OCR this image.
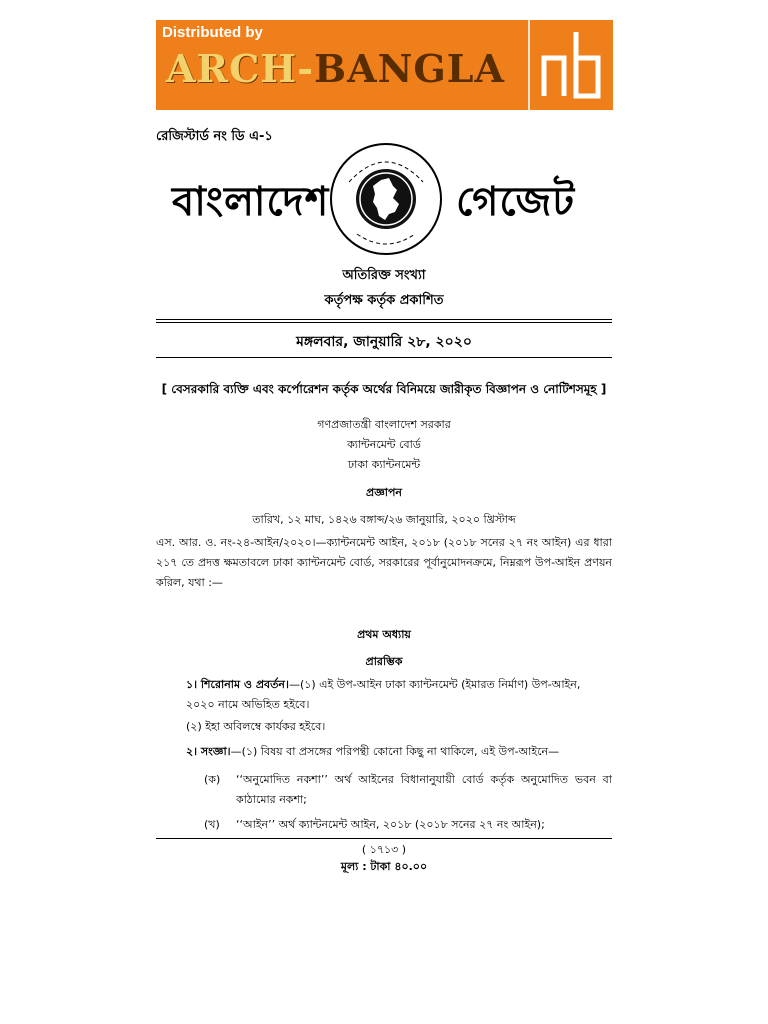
Distributed by
ARCH-BANGLA
রেজিস্টার্ড নং ডি এ-১
বাংলাদেশ	গেজেট
অতিরিক্ত সংখ্যা
কর্তৃপক্ষ কর্তৃক প্রকাশিত
মঙ্গলবার, জানুয়ারি ২৮, ২০২০
[ বেসরকারি ব্যক্তি এবং কর্পোরেশন কর্তৃক অর্থের বিনিময়ে জারীকৃত বিজ্ঞাপন ও নোটিশসমূহ ]
গণপ্রজাতন্ত্রী বাংলাদেশ সরকার
ক্যান্টনমেন্ট বোর্ড
ঢাকা ক্যান্টনমেন্ট
প্রজ্ঞাপন
তারিখ, ১২ মাঘ, ১৪২৬ বঙ্গাব্দ/২৬ জানুয়ারি, ২০২০ খ্রিস্টাব্দ
এস. আর. ও. নং-২৪-আইন/২০২০।—ক্যান্টনমেন্ট আইন, ২০১৮ (২০১৮ সনের ২৭ নং আইন) এর ধারা ২১৭ তে প্রদত্ত ক্ষমতাবলে ঢাকা ক্যান্টনমেন্ট বোর্ড, সরকারের পূর্বানুমোদনক্রমে, নিম্নরূপ উপ-আইন প্রণয়ন করিল, যথা :—
প্রথম অধ্যায়
প্রারম্ভিক
১। শিরোনাম ও প্রবর্তন।—(১) এই উপ-আইন ঢাকা ক্যান্টনমেন্ট (ইমারত নির্মাণ) উপ-আইন, ২০২০ নামে অভিহিত হইবে।
(২) ইহা অবিলম্বে কার্যকর হইবে।
২। সংজ্ঞা।—(১) বিষয় বা প্রসঙ্গের পরিপন্থী কোনো কিছু না থাকিলে, এই উপ-আইনে—
(ক) ‘‘অনুমোদিত নকশা’’ অর্থ আইনের বিধানানুযায়ী বোর্ড কর্তৃক অনুমোদিত ভবন বা কাঠামোর নকশা;
(খ) ‘‘আইন’’ অর্থ ক্যান্টনমেন্ট আইন, ২০১৮ (২০১৮ সনের ২৭ নং আইন);
( ১৭১৩ )
মূল্য : টাকা ৪০.০০
